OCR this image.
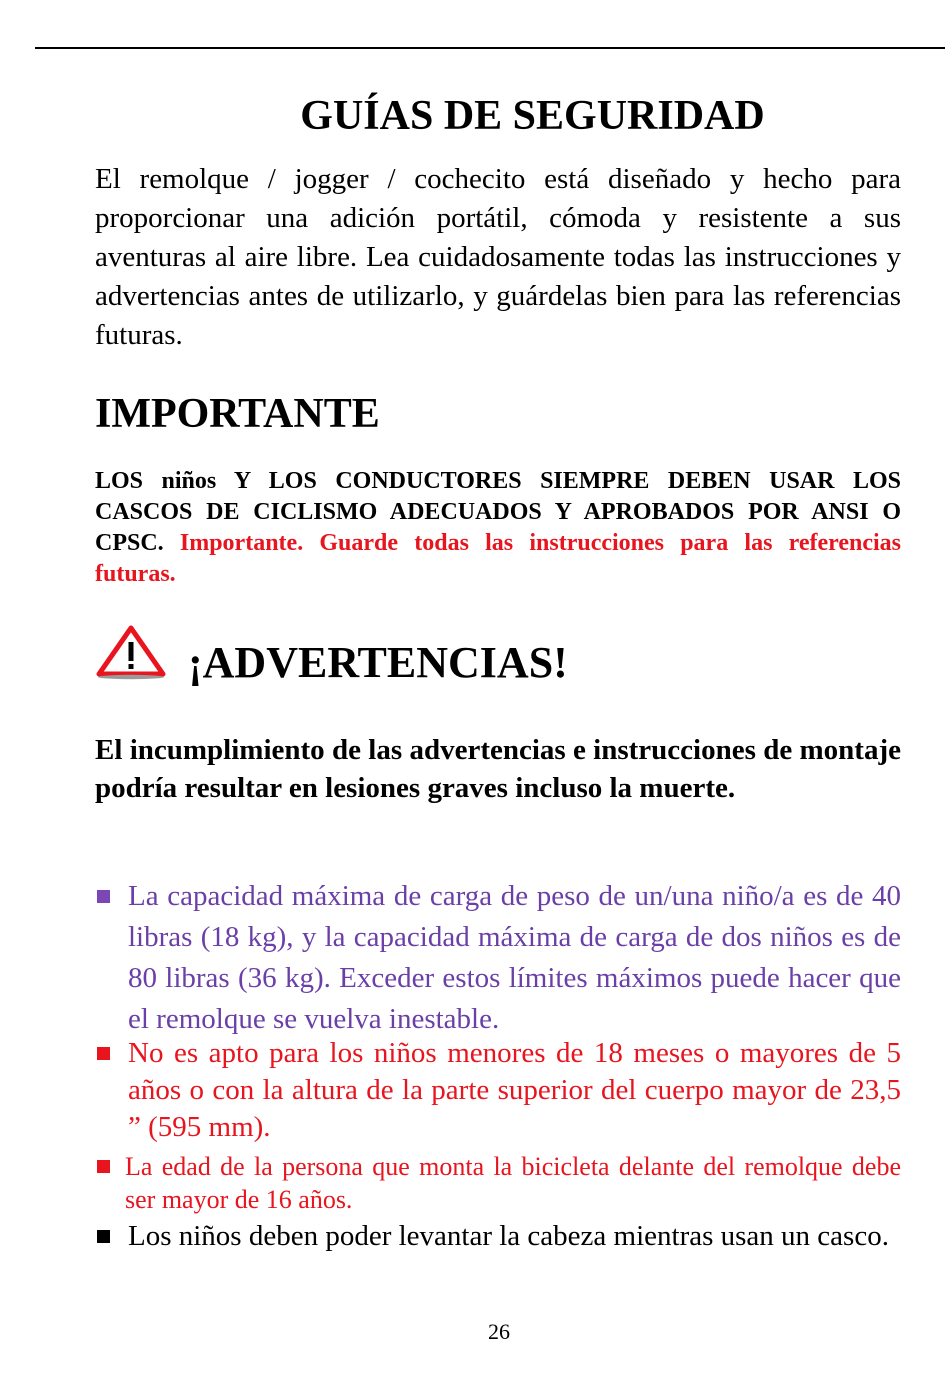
GUÍAS DE SEGURIDAD

El remolque / jogger / cochecito está diseñado y hecho para proporcionar una adición portátil, cómoda y resistente a sus aventuras al aire libre. Lea cuidadosamente todas las instrucciones y advertencias antes de utilizarlo, y guárdelas bien para las referencias futuras.

IMPORTANTE

LOS niños Y LOS CONDUCTORES SIEMPRE DEBEN USAR LOS CASCOS DE CICLISMO ADECUADOS Y APROBADOS POR ANSI O CPSC. Importante. Guarde todas las instrucciones para las referencias futuras.

¡ADVERTENCIAS!

El incumplimiento de las advertencias e instrucciones de montaje podría resultar en lesiones graves incluso la muerte.

La capacidad máxima de carga de peso de un/una niño/a es de 40 libras (18 kg), y la capacidad máxima de carga de dos niños es de 80 libras (36 kg). Exceder estos límites máximos puede hacer que el remolque se vuelva inestable.
No es apto para los niños menores de 18 meses o mayores de 5 años o con la altura de la parte superior del cuerpo mayor de 23,5 ” (595 mm).
La edad de la persona que monta la bicicleta delante del remolque debe ser mayor de 16 años.
Los niños deben poder levantar la cabeza mientras usan un casco.
26
